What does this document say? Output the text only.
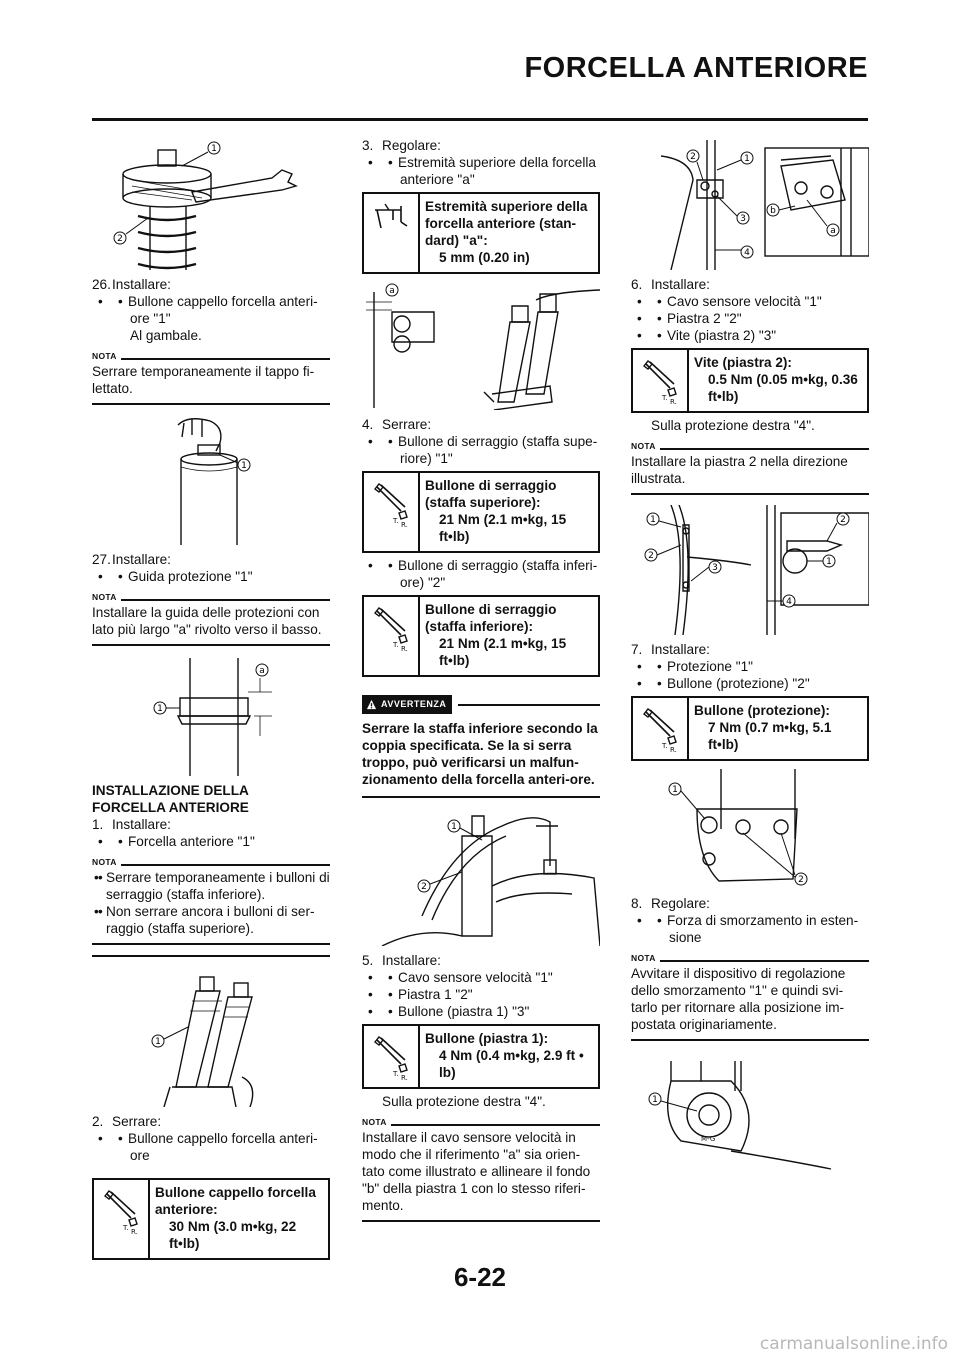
FORCELLA ANTERIORE
1
2

26.Installare:

• • Bullone cappello forcella anteri-

ore "1"

Al gambale.

NOTA
Serrare temporaneamente il tappo fi-lettato.
1

27.Installare:

• • Guida protezione "1"

NOTA
Installare la guida delle protezioni con lato più largo "a" rivolto verso il basso.
1
a

INSTALLAZIONE DELLA

FORCELLA ANTERIORE

1. Installare:

• • Forcella anteriore "1"

NOTA

• • Serrare temporaneamente i bulloni di serraggio (staffa inferiore).

• • Non serrare ancora i bulloni di ser-raggio (staffa superiore).

1

2. Serrare:

• • Bullone cappello forcella anteri-

ore

Bullone cappello forcella
anteriore:
30 Nm (3.0 m•kg, 22
ft•lb)

3. Regolare:

• • Estremità superiore della forcella

anteriore "a"

Estremità superiore della
forcella anteriore (stan-
dard) "a":
5 mm (0.20 in)
a

4. Serrare:

• • Bullone di serraggio (staffa supe-

riore) "1"

Bullone di serraggio
(staffa superiore):
21 Nm (2.1 m•kg, 15
ft•lb)

• • Bullone di serraggio (staffa inferi-

ore) "2"

Bullone di serraggio
(staffa inferiore):
21 Nm (2.1 m•kg, 15
ft•lb)
AVVERTENZA
Serrare la staffa inferiore secondo la coppia specificata. Se la si serra troppo, può verificarsi un malfun-zionamento della forcella anteri-ore.
1
2

5. Installare:

• • Cavo sensore velocità "1"

• • Piastra 1 "2"

• • Bullone (piastra 1) "3"

Bullone (piastra 1):
4 Nm (0.4 m•kg, 2.9 ft •
lb)

Sulla protezione destra "4".

NOTA
Installare il cavo sensore velocità in modo che il riferimento "a" sia orien-tato come illustrato e allineare il fondo "b" della piastra 1 con lo stesso riferi-mento.
1
2
3
4
b
a

6. Installare:

• • Cavo sensore velocità "1"

• • Piastra 2 "2"

• • Vite (piastra 2) "3"

Vite (piastra 2):
0.5 Nm (0.05 m•kg, 0.36
ft•lb)

Sulla protezione destra "4".

NOTA
Installare la piastra 2 nella direzione illustrata.
1
2
3
4
2
1

7. Installare:

• • Protezione "1"

• • Bullone (protezione) "2"

Bullone (protezione):
7 Nm (0.7 m•kg, 5.1
ft•lb)
1
2

8. Regolare:

• • Forza di smorzamento in esten-

sione

NOTA
Avvitare il dispositivo di regolazione dello smorzamento "1" e quindi svi-tarlo per ritornare alla posizione im-postata originariamente.
M-G
1
6-22
carmanualsonline.info
